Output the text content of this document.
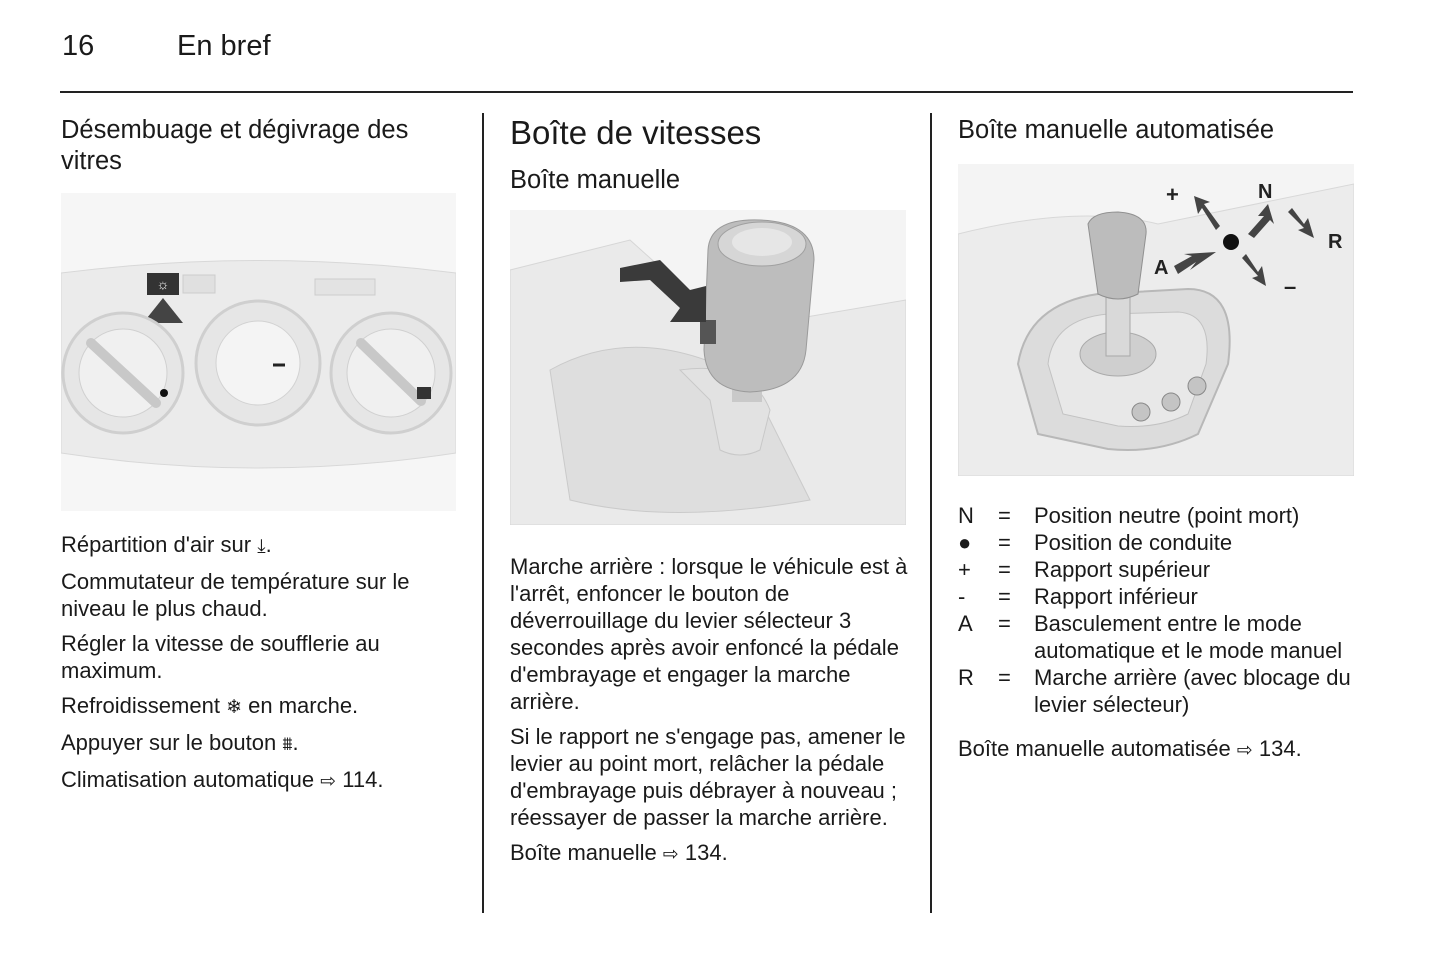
16	En bref
Désembuage et dégivrage des vitres
☼

Répartition d'air sur ⤓.

Commutateur de température sur le niveau le plus chaud.

Régler la vitesse de soufflerie au maximum.

Refroidissement ❄ en marche.

Appuyer sur le bouton ⩩.

Climatisation automatique ⇨ 114.

Boîte de vitesses
Boîte manuelle

Marche arrière : lorsque le véhicule est à l'arrêt, enfoncer le bouton de déverrouillage du levier sélecteur 3 secondes après avoir enfoncé la pédale d'embrayage et engager la marche arrière.

Si le rapport ne s'engage pas, amener le levier au point mort, relâcher la pédale d'embrayage puis débrayer à nouveau ; réessayer de passer la marche arrière.

Boîte manuelle ⇨ 134.

Boîte manuelle automatisée
+	N
R
A
–
N	=	Position neutre (point mort)
●	=	Position de conduite
+	=	Rapport supérieur
-	=	Rapport inférieur
A	=	Basculement entre le mode automatique et le mode manuel
R	=	Marche arrière (avec blocage du levier sélecteur)

Boîte manuelle automatisée ⇨ 134.
